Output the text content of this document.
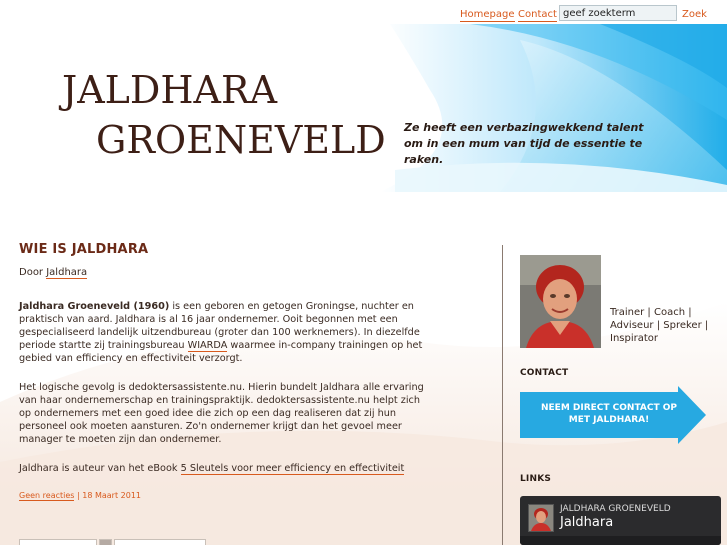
Homepage Contact
geef zoekterm	Zoek
JALDHARA
GROENEVELD Ze heeft een verbazingwekkend talent om in een mum van tijd de essentie te raken.
WIE IS JALDHARA
Door Jaldhara
Jaldhara Groeneveld (1960) is een geboren en getogen Groningse, nuchter en praktisch van aard. Jaldhara is al 16 jaar ondernemer. Ooit begonnen met een gespecialiseerd landelijk uitzendbureau (groter dan 100 werknemers). In diezelfde periode startte zij trainingsbureau WIARDA waarmee in-company trainingen op het gebied van efficiency en effectiviteit verzorgt.
Het logische gevolg is dedoktersassistente.nu. Hierin bundelt Jaldhara alle ervaring van haar ondernemerschap en trainingspraktijk. dedoktersassistente.nu helpt zich op ondernemers met een goed idee die zich op een dag realiseren dat zij hun personeel ook moeten aansturen. Zo'n ondernemer krijgt dan het gevoel meer manager te moeten zijn dan ondernemer.
Jaldhara is auteur van het eBook 5 Sleutels voor meer efficiency en effectiviteit
Geen reacties | 18 Maart 2011
Trainer | Coach | Adviseur | Spreker | Inspirator
CONTACT
NEEM DIRECT CONTACT OP MET JALDHARA!
LINKS
JALDHARA GROENEVELD
Jaldhara
